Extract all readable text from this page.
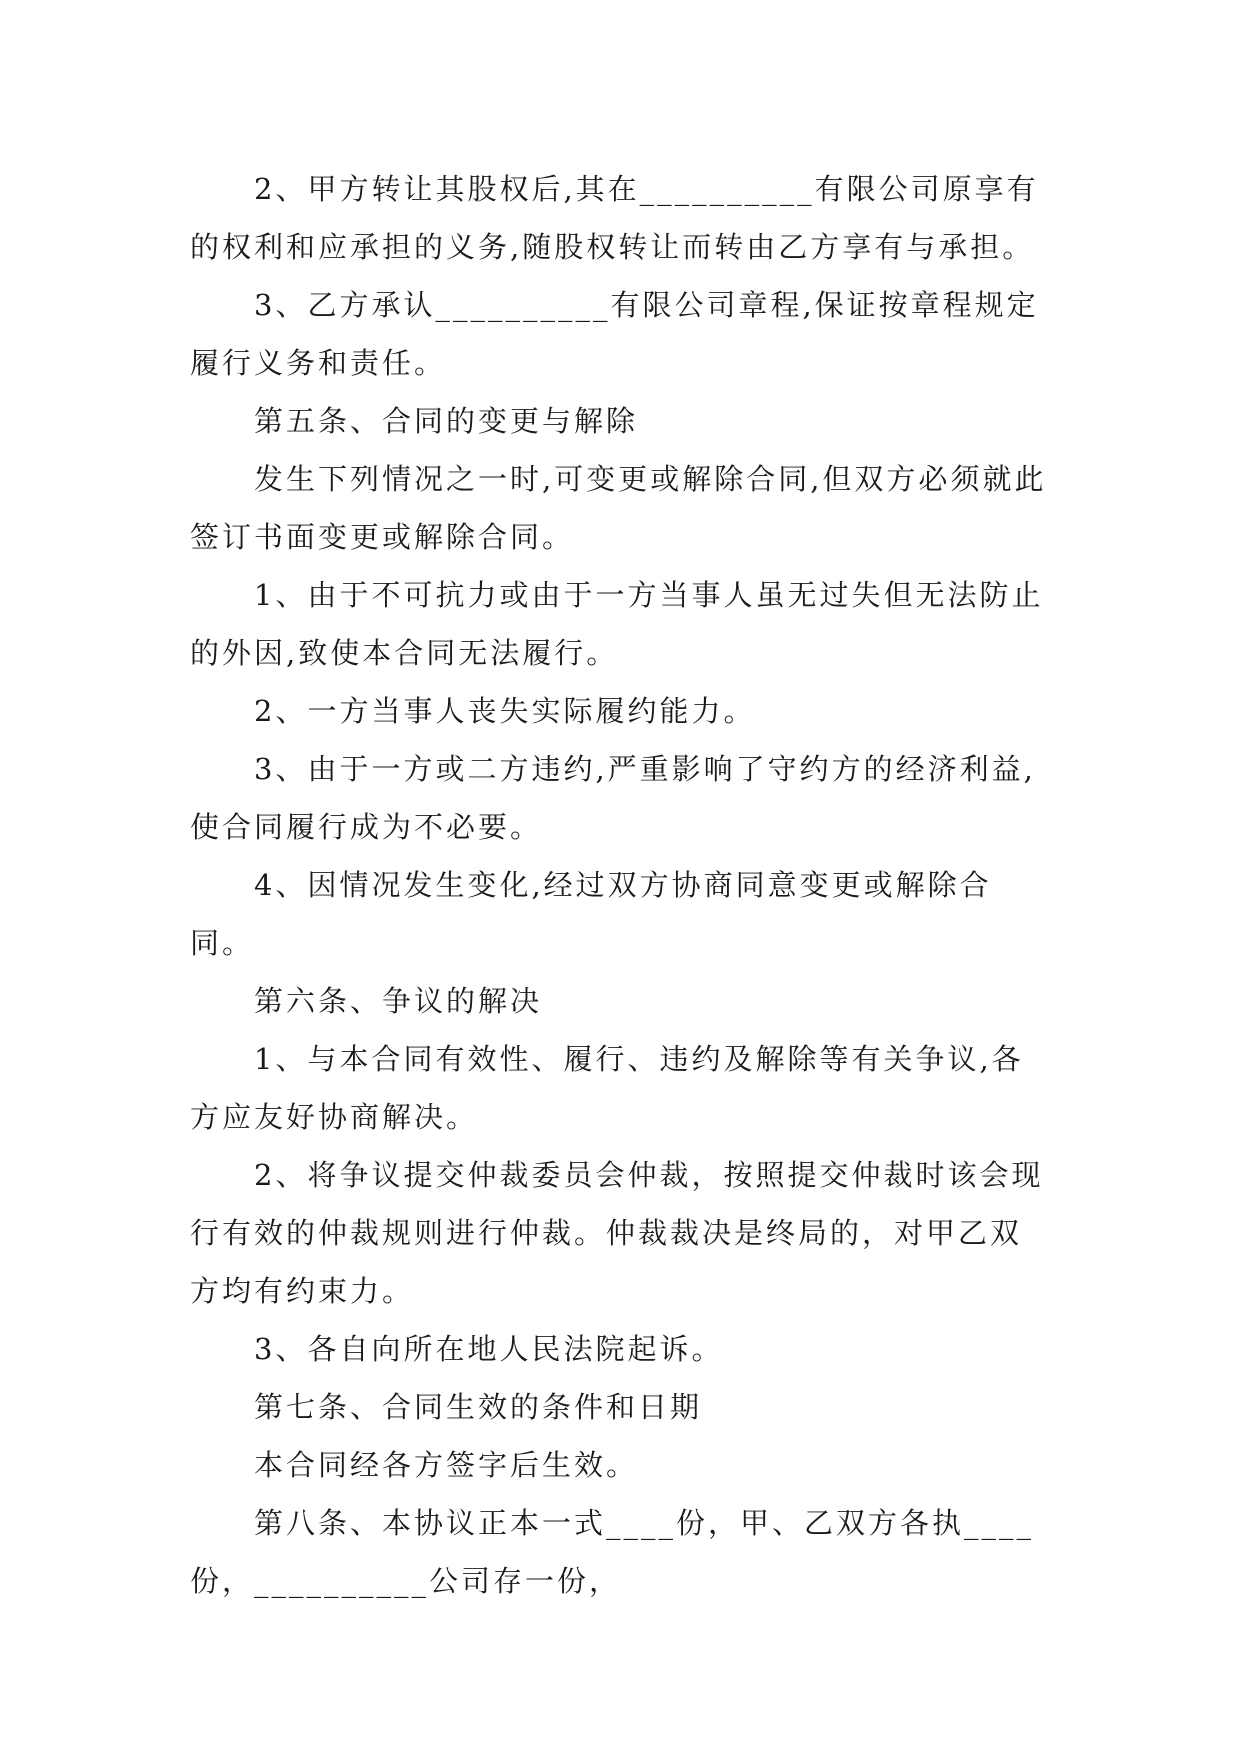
2、甲方转让其股权后,其在__________有限公司原享有的权利和应承担的义务,随股权转让而转由乙方享有与承担。

3、乙方承认__________有限公司章程,保证按章程规定履行义务和责任。

第五条、合同的变更与解除

发生下列情况之一时,可变更或解除合同,但双方必须就此签订书面变更或解除合同。

1、由于不可抗力或由于一方当事人虽无过失但无法防止的外因,致使本合同无法履行。

2、一方当事人丧失实际履约能力。

3、由于一方或二方违约,严重影响了守约方的经济利益,使合同履行成为不必要。

4、因情况发生变化,经过双方协商同意变更或解除合同。

第六条、争议的解决

1、与本合同有效性、履行、违约及解除等有关争议,各方应友好协商解决。

2、将争议提交仲裁委员会仲裁，按照提交仲裁时该会现行有效的仲裁规则进行仲裁。仲裁裁决是终局的，对甲乙双方均有约束力。

3、各自向所在地人民法院起诉。

第七条、合同生效的条件和日期

本合同经各方签字后生效。

第八条、本协议正本一式____份，甲、乙双方各执____份，__________公司存一份，
